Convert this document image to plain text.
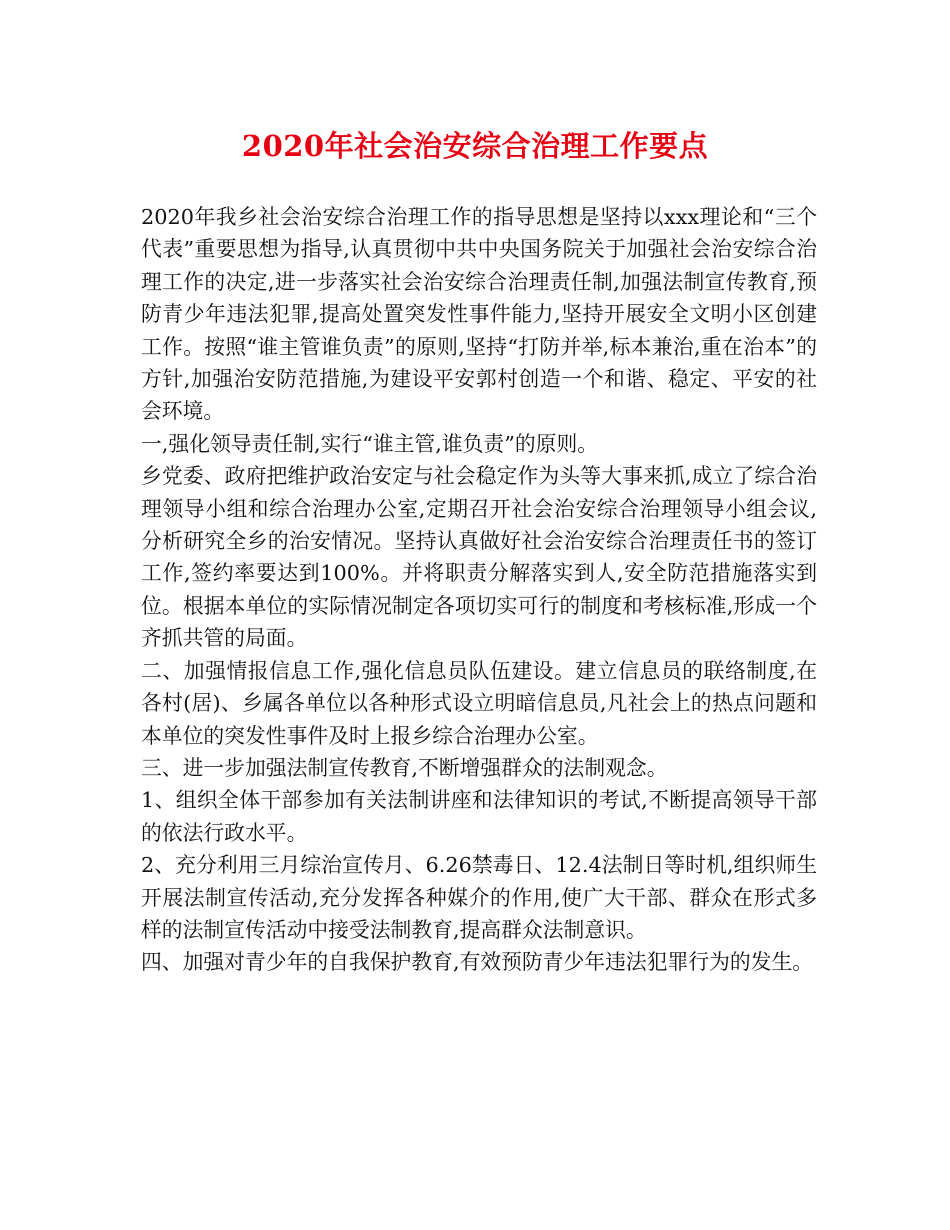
2020年社会治安综合治理工作要点

2020年我乡社会治安综合治理工作的指导思想是坚持以xxx理论和“三个代表”重要思想为指导,认真贯彻中共中央国务院关于加强社会治安综合治理工作的决定,进一步落实社会治安综合治理责任制,加强法制宣传教育,预防青少年违法犯罪,提高处置突发性事件能力,坚持开展安全文明小区创建工作。按照“谁主管谁负责”的原则,坚持“打防并举,标本兼治,重在治本”的方针,加强治安防范措施,为建设平安郭村创造一个和谐、稳定、平安的社会环境。

一,强化领导责任制,实行“谁主管,谁负责”的原则。

乡党委、政府把维护政治安定与社会稳定作为头等大事来抓,成立了综合治理领导小组和综合治理办公室,定期召开社会治安综合治理领导小组会议,分析研究全乡的治安情况。坚持认真做好社会治安综合治理责任书的签订工作,签约率要达到100%。并将职责分解落实到人,安全防范措施落实到位。根据本单位的实际情况制定各项切实可行的制度和考核标准,形成一个齐抓共管的局面。

二、加强情报信息工作,强化信息员队伍建设。建立信息员的联络制度,在各村(居)、乡属各单位以各种形式设立明暗信息员,凡社会上的热点问题和本单位的突发性事件及时上报乡综合治理办公室。

三、进一步加强法制宣传教育,不断增强群众的法制观念。

1、组织全体干部参加有关法制讲座和法律知识的考试,不断提高领导干部的依法行政水平。

2、充分利用三月综治宣传月、6.26禁毒日、12.4法制日等时机,组织师生开展法制宣传活动,充分发挥各种媒介的作用,使广大干部、群众在形式多样的法制宣传活动中接受法制教育,提高群众法制意识。

四、加强对青少年的自我保护教育,有效预防青少年违法犯罪行为的发生。
